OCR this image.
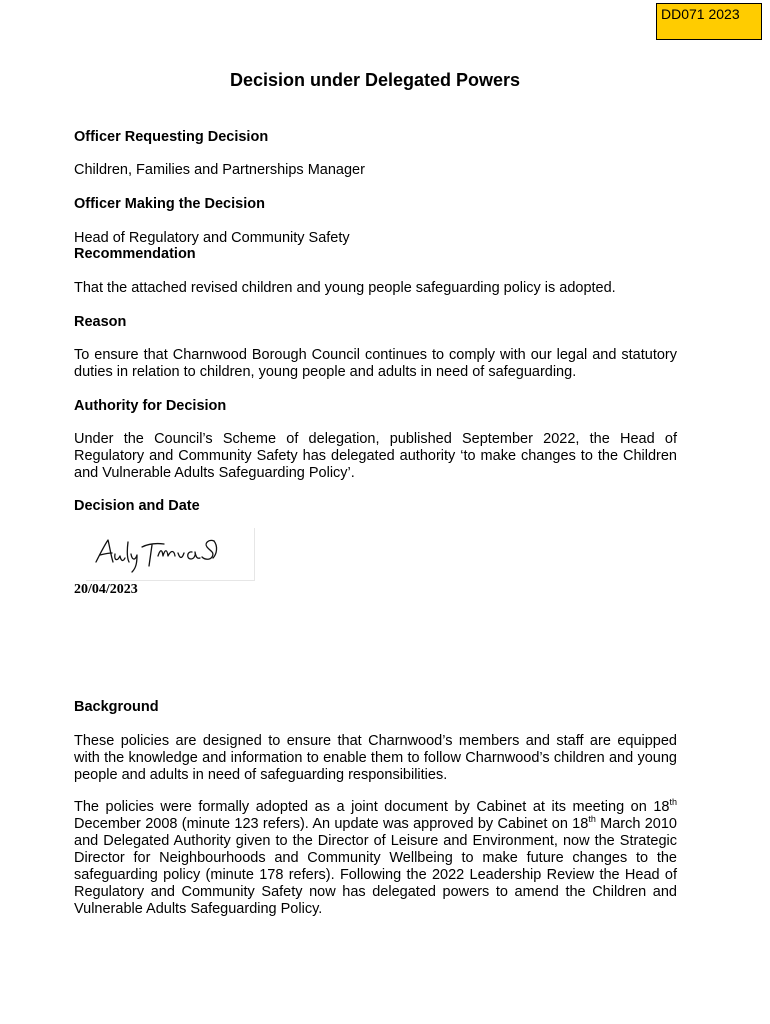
DD071 2023
Decision under Delegated Powers

Officer Requesting Decision

Children, Families and Partnerships Manager

Officer Making the Decision

Head of Regulatory and Community Safety

Recommendation

That the attached revised children and young people safeguarding policy is adopted.

Reason

To ensure that Charnwood Borough Council continues to comply with our legal and statutory duties in relation to children, young people and adults in need of safeguarding.

Authority for Decision

Under the Council’s Scheme of delegation, published September 2022, the Head of Regulatory and Community Safety has delegated authority ‘to make changes to the Children and Vulnerable Adults Safeguarding Policy’.

Decision and Date

20/04/2023

Background

These policies are designed to ensure that Charnwood’s members and staff are equipped with the knowledge and information to enable them to follow Charnwood’s children and young people and adults in need of safeguarding responsibilities.

The policies were formally adopted as a joint document by Cabinet at its meeting on 18th December 2008 (minute 123 refers). An update was approved by Cabinet on 18th March 2010 and Delegated Authority given to the Director of Leisure and Environment, now the Strategic Director for Neighbourhoods and Community Wellbeing to make future changes to the safeguarding policy (minute 178 refers). Following the 2022 Leadership Review the Head of Regulatory and Community Safety now has delegated powers to amend the Children and Vulnerable Adults Safeguarding Policy.
